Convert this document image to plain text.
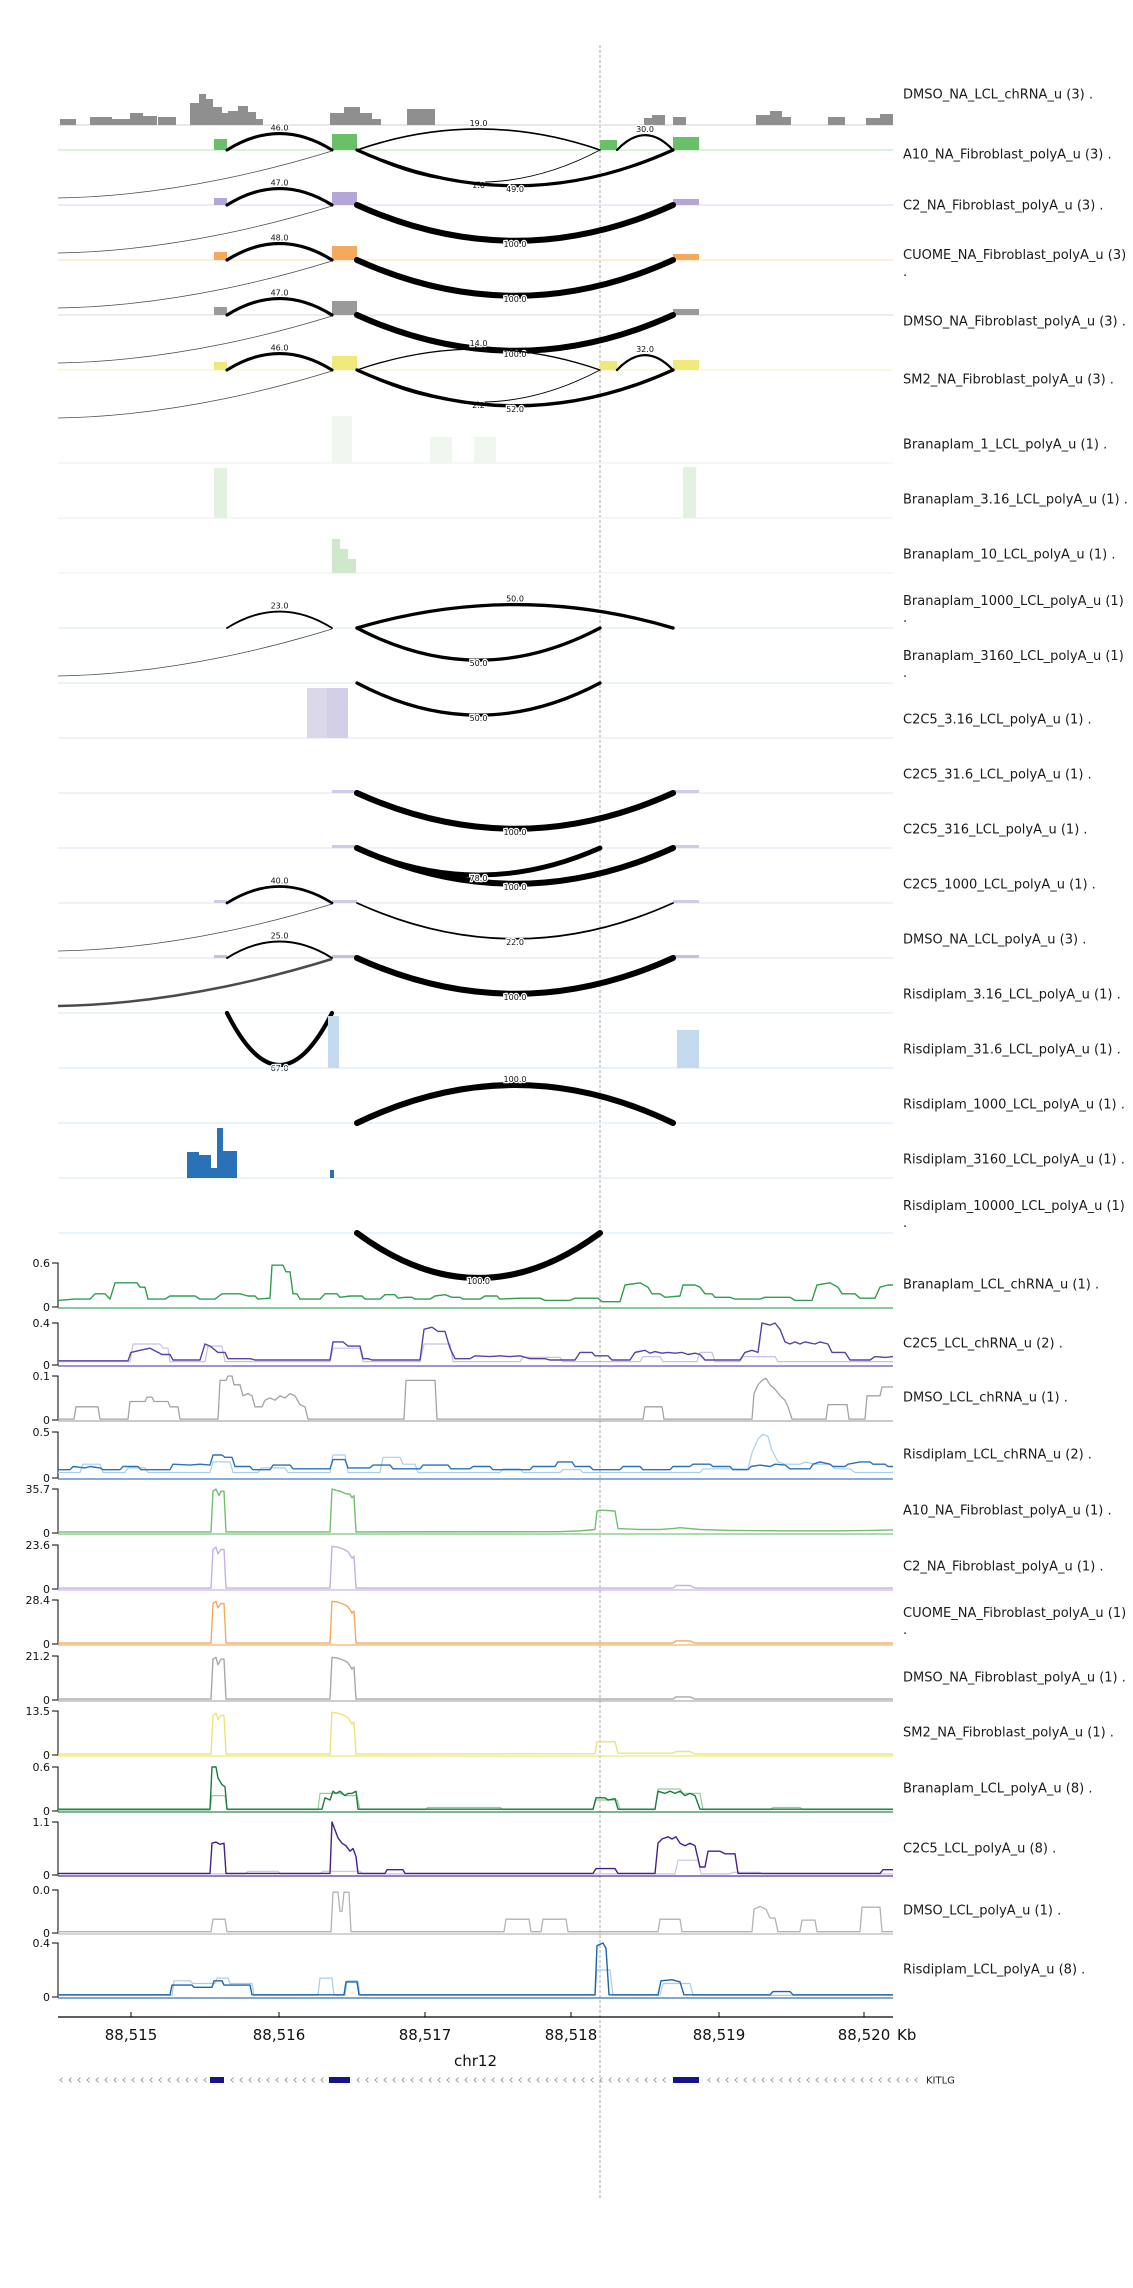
46.0
19.0
30.0
1.6	49.0
47.0
100.0
48.0
100.0
47.0
100.0
46.0
14.0
32.0
2.2	52.0
23.0
50.0
50.0
50.0
100.0
100.0
78.0
40.0
22.0
25.0
100.0
67.0
100.0
100.0
0.6
0
0.4
0
0.1
0
0.5
0
35.7
0
23.6
0
28.4
0
21.2
0
13.5
0
0.6
0
1.1
0
0.0
0
0.4
0
88,515	88,516	88,517	88,518	88,519	88,520 Kb
chr12
KITLG
DMSO_NA_LCL_chRNA_u (3) .
A10_NA_Fibroblast_polyA_u (3) .
C2_NA_Fibroblast_polyA_u (3) .
CUOME_NA_Fibroblast_polyA_u (3) .
DMSO_NA_Fibroblast_polyA_u (3) .
SM2_NA_Fibroblast_polyA_u (3) .
Branaplam_1_LCL_polyA_u (1) .
Branaplam_3.16_LCL_polyA_u (1) .
Branaplam_10_LCL_polyA_u (1) .
Branaplam_1000_LCL_polyA_u (1) .
Branaplam_3160_LCL_polyA_u (1) .
C2C5_3.16_LCL_polyA_u (1) .
C2C5_31.6_LCL_polyA_u (1) .
C2C5_316_LCL_polyA_u (1) .
C2C5_1000_LCL_polyA_u (1) .
DMSO_NA_LCL_polyA_u (3) .
Risdiplam_3.16_LCL_polyA_u (1) .
Risdiplam_31.6_LCL_polyA_u (1) .
Risdiplam_1000_LCL_polyA_u (1) .
Risdiplam_3160_LCL_polyA_u (1) .
Risdiplam_10000_LCL_polyA_u (1) .
Branaplam_LCL_chRNA_u (1) .
C2C5_LCL_chRNA_u (2) .
DMSO_LCL_chRNA_u (1) .
Risdiplam_LCL_chRNA_u (2) .
A10_NA_Fibroblast_polyA_u (1) .
C2_NA_Fibroblast_polyA_u (1) .
CUOME_NA_Fibroblast_polyA_u (1) .
DMSO_NA_Fibroblast_polyA_u (1) .
SM2_NA_Fibroblast_polyA_u (1) .
Branaplam_LCL_polyA_u (8) .
C2C5_LCL_polyA_u (8) .
DMSO_LCL_polyA_u (1) .
Risdiplam_LCL_polyA_u (8) .
